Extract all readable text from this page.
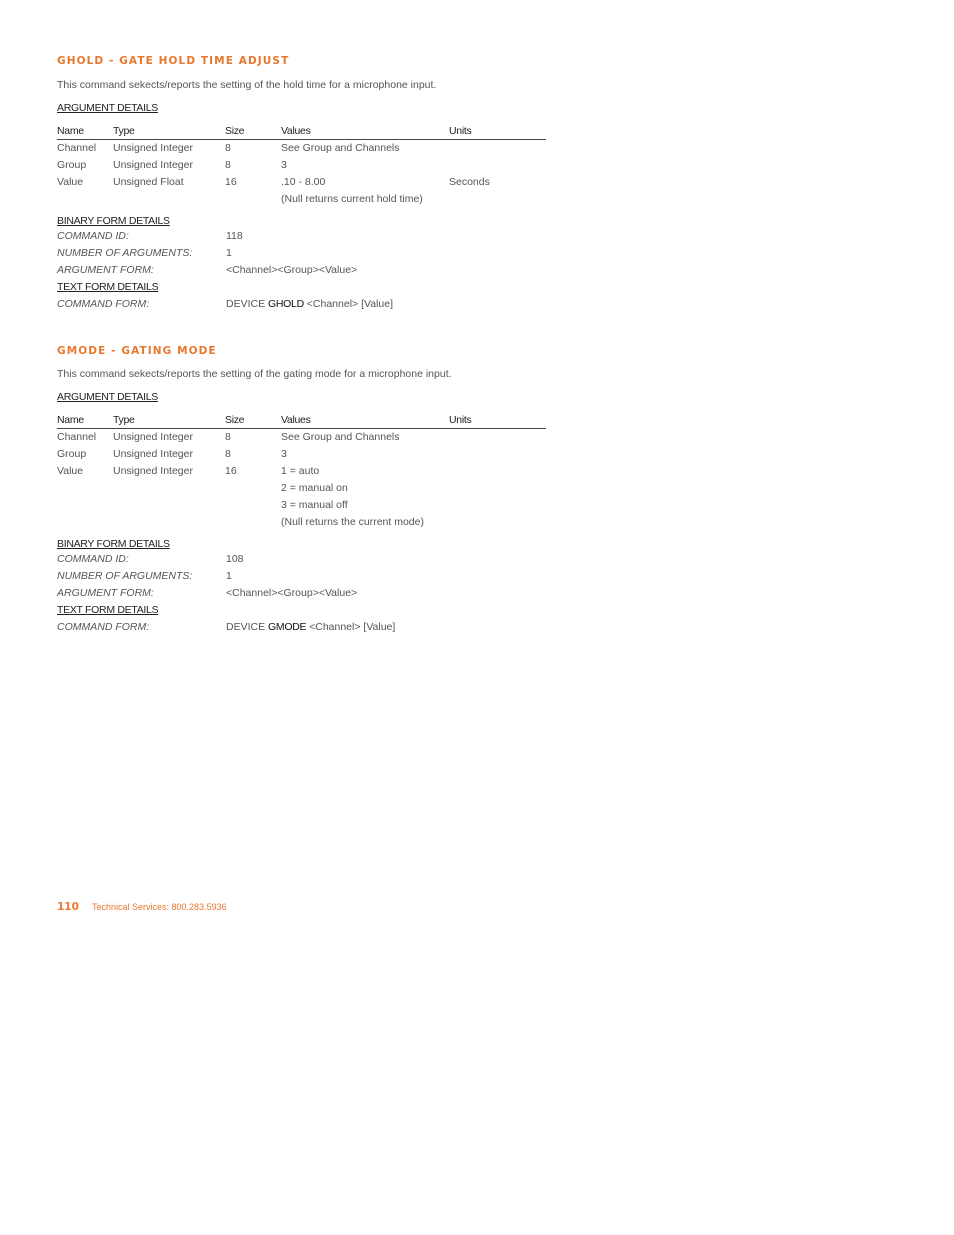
GHOLD - GATE HOLD TIME ADJUST

This command sekects/reports the setting of the hold time for a microphone input.

ARGUMENT DETAILS
Name	Type	Size	Values	Units
Channel	Unsigned Integer	8	See Group and Channels	
Group	Unsigned Integer	8	3	
Value	Unsigned Float	16	.10 - 8.00	Seconds
			(Null returns current hold time)	
BINARY FORM DETAILS
COMMAND ID:	118
NUMBER OF ARGUMENTS:	1
ARGUMENT FORM:	<Channel><Group><Value>
TEXT FORM DETAILS
COMMAND FORM:	DEVICE GHOLD <Channel> [Value]

GMODE - GATING MODE

This command sekects/reports the setting of the gating mode for a microphone input.

ARGUMENT DETAILS
Name	Type	Size	Values	Units
Channel	Unsigned Integer	8	See Group and Channels	
Group	Unsigned Integer	8	3	
Value	Unsigned Integer	16	1 = auto	
			2 = manual on	
			3 = manual off	
			(Null returns the current mode)	
BINARY FORM DETAILS
COMMAND ID:	108
NUMBER OF ARGUMENTS:	1
ARGUMENT FORM:	<Channel><Group><Value>
TEXT FORM DETAILS
COMMAND FORM:	DEVICE GMODE <Channel> [Value]
110	Technical Services: 800.283.5936
